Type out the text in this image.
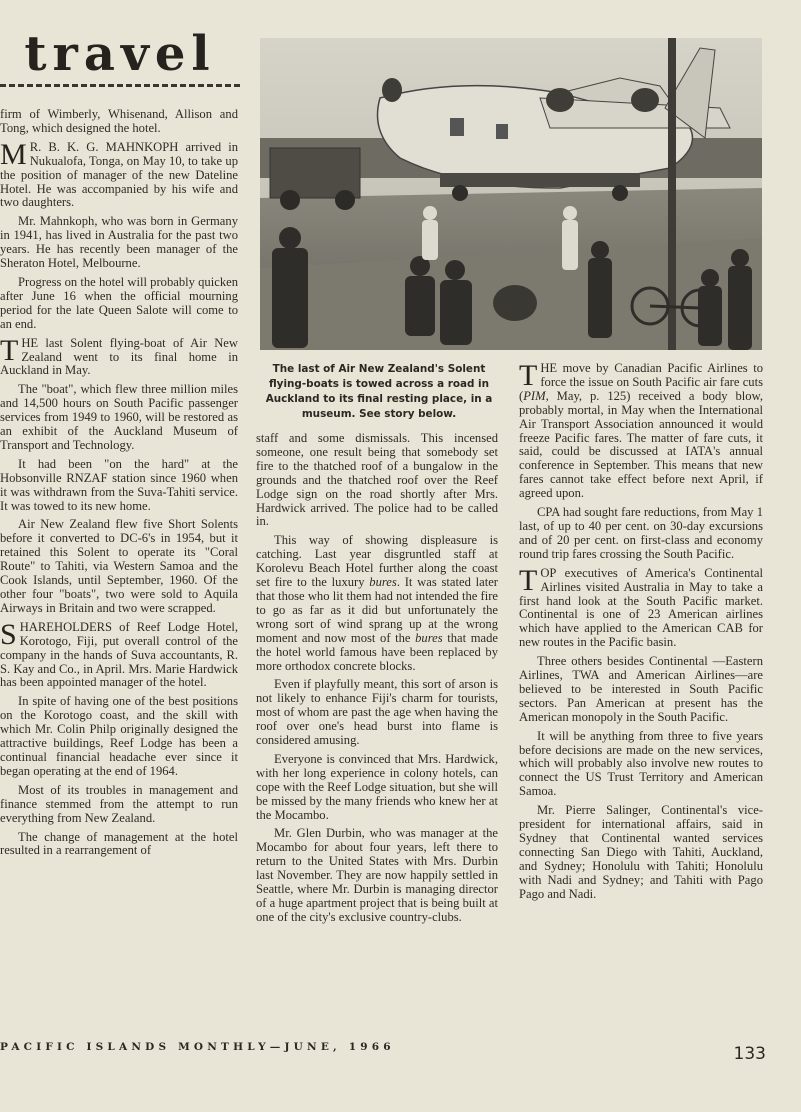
travel
The last of Air New Zealand's Solent flying-boats is towed across a road in Auckland to its final resting place, in a museum. See story below.

firm of Wimberly, Whisenand, Allison and Tong, which designed the hotel.

M R. B. K. G. MAHNKOPH arrived in Nukualofa, Tonga, on May 10, to take up the position of manager of the new Dateline Hotel. He was accompanied by his wife and two daughters.

Mr. Mahnkoph, who was born in Germany in 1941, has lived in Australia for the past two years. He has recently been manager of the Sheraton Hotel, Melbourne.

Progress on the hotel will probably quicken after June 16 when the official mourning period for the late Queen Salote will come to an end.

THE last Solent flying-boat of Air New Zealand went to its final home in Auckland in May.

The "boat", which flew three million miles and 14,500 hours on South Pacific passenger services from 1949 to 1960, will be restored as an exhibit of the Auckland Museum of Transport and Technology.

It had been "on the hard" at the Hobsonville RNZAF station since 1960 when it was withdrawn from the Suva-Tahiti service. It was towed to its new home.

Air New Zealand flew five Short Solents before it converted to DC-6's in 1954, but it retained this Solent to operate its "Coral Route" to Tahiti, via Western Samoa and the Cook Islands, until September, 1960. Of the other four "boats", two were sold to Aquila Airways in Britain and two were scrapped.

SHAREHOLDERS of Reef Lodge Hotel, Korotogo, Fiji, put overall control of the company in the hands of Suva accountants, R. S. Kay and Co., in April. Mrs. Marie Hardwick has been appointed manager of the hotel.

In spite of having one of the best positions on the Korotogo coast, and the skill with which Mr. Colin Philp originally designed the attractive buildings, Reef Lodge has been a continual financial headache ever since it began operating at the end of 1964.

Most of its troubles in management and finance stemmed from the attempt to run everything from New Zealand.

The change of management at the hotel resulted in a rearrangement of

staff and some dismissals. This incensed someone, one result being that somebody set fire to the thatched roof of a bungalow in the grounds and the thatched roof over the Reef Lodge sign on the road shortly after Mrs. Hardwick arrived. The police had to be called in.

This way of showing displeasure is catching. Last year disgruntled staff at Korolevu Beach Hotel further along the coast set fire to the luxury bures. It was stated later that those who lit them had not intended the fire to go as far as it did but unfortunately the wrong sort of wind sprang up at the wrong moment and now most of the bures that made the hotel world famous have been replaced by more orthodox concrete blocks.

Even if playfully meant, this sort of arson is not likely to enhance Fiji's charm for tourists, most of whom are past the age when having the roof over one's head burst into flame is considered amusing.

Everyone is convinced that Mrs. Hardwick, with her long experience in colony hotels, can cope with the Reef Lodge situation, but she will be missed by the many friends who knew her at the Mocambo.

Mr. Glen Durbin, who was manager at the Mocambo for about four years, left there to return to the United States with Mrs. Durbin last November. They are now happily settled in Seattle, where Mr. Durbin is managing director of a huge apartment project that is being built at one of the city's exclusive country-clubs.

THE move by Canadian Pacific Airlines to force the issue on South Pacific air fare cuts (PIM, May, p. 125) received a body blow, probably mortal, in May when the International Air Transport Association announced it would freeze Pacific fares. The matter of fare cuts, it said, could be discussed at IATA's annual conference in September. This means that new fares cannot take effect before next April, if agreed upon.

CPA had sought fare reductions, from May 1 last, of up to 40 per cent. on 30-day excursions and of 20 per cent. on first-class and economy round trip fares crossing the South Pacific.

TOP executives of America's Continental Airlines visited Australia in May to take a first hand look at the South Pacific market. Continental is one of 23 American airlines which have applied to the American CAB for new routes in the Pacific basin.

Three others besides Continental —Eastern Airlines, TWA and American Airlines—are believed to be interested in South Pacific sectors. Pan American at present has the American monopoly in the South Pacific.

It will be anything from three to five years before decisions are made on the new services, which will probably also involve new routes to connect the US Trust Territory and American Samoa.

Mr. Pierre Salinger, Continental's vice-president for international affairs, said in Sydney that Continental wanted services connecting San Diego with Tahiti, Auckland, and Sydney; Honolulu with Tahiti; Honolulu with Nadi and Sydney; and Tahiti with Pago Pago and Nadi.

PACIFIC ISLANDS MONTHLY—JUNE, 1966	133
